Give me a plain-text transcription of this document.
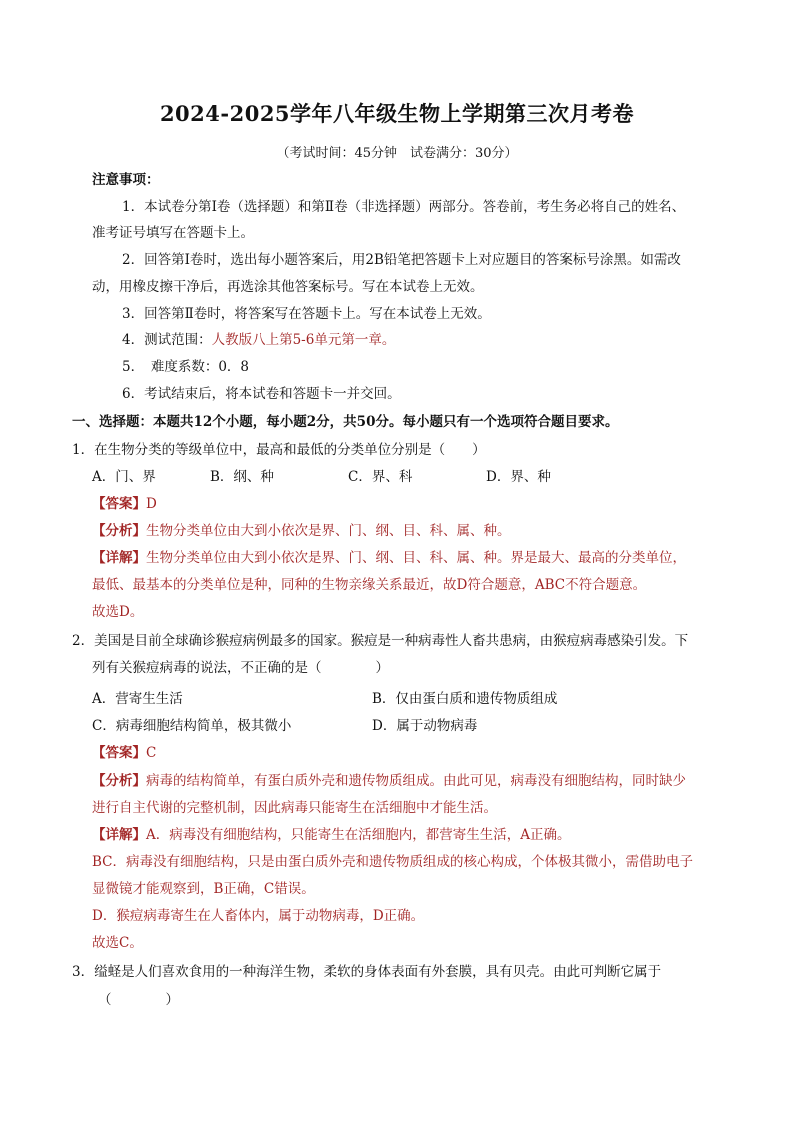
2024-2025学年八年级生物上学期第三次月考卷
（考试时间：45分钟　试卷满分：30分）
注意事项：
1．本试卷分第Ⅰ卷（选择题）和第Ⅱ卷（非选择题）两部分。答卷前，考生务必将自己的姓名、
准考证号填写在答题卡上。
2．回答第Ⅰ卷时，选出每小题答案后，用2B铅笔把答题卡上对应题目的答案标号涂黑。如需改
动，用橡皮擦干净后，再选涂其他答案标号。写在本试卷上无效。
3．回答第Ⅱ卷时，将答案写在答题卡上。写在本试卷上无效。
4．测试范围：人教版八上第5-6单元第一章。
5．　难度系数：0．8
6．考试结束后，将本试卷和答题卡一并交回。
一、选择题：本题共12个小题，每小题2分，共50分。每小题只有一个选项符合题目要求。
1．在生物分类的等级单位中，最高和最低的分类单位分别是（　　）
A．门、界	B．纲、种	C．界、科	D．界、种
【答案】D
【分析】生物分类单位由大到小依次是界、门、纲、目、科、属、种。
【详解】生物分类单位由大到小依次是界、门、纲、目、科、属、种。界是最大、最高的分类单位，
最低、最基本的分类单位是种，同种的生物亲缘关系最近，故D符合题意，ABC不符合题意。
故选D。
2．美国是目前全球确诊猴痘病例最多的国家。猴痘是一种病毒性人畜共患病，由猴痘病毒感染引发。下
列有关猴痘病毒的说法，不正确的是（　　　　）
A．营寄生生活	B．仅由蛋白质和遗传物质组成
C．病毒细胞结构简单，极其微小	D．属于动物病毒
【答案】C
【分析】病毒的结构简单，有蛋白质外壳和遗传物质组成。由此可见，病毒没有细胞结构，同时缺少
进行自主代谢的完整机制，因此病毒只能寄生在活细胞中才能生活。
【详解】A．病毒没有细胞结构，只能寄生在活细胞内，都营寄生生活，A正确。
BC．病毒没有细胞结构，只是由蛋白质外壳和遗传物质组成的核心构成，个体极其微小，需借助电子
显微镜才能观察到，B正确，C错误。
D．猴痘病毒寄生在人畜体内，属于动物病毒，D正确。
故选C。
3．缢蛏是人们喜欢食用的一种海洋生物，柔软的身体表面有外套膜，具有贝壳。由此可判断它属于
（　　　　）
